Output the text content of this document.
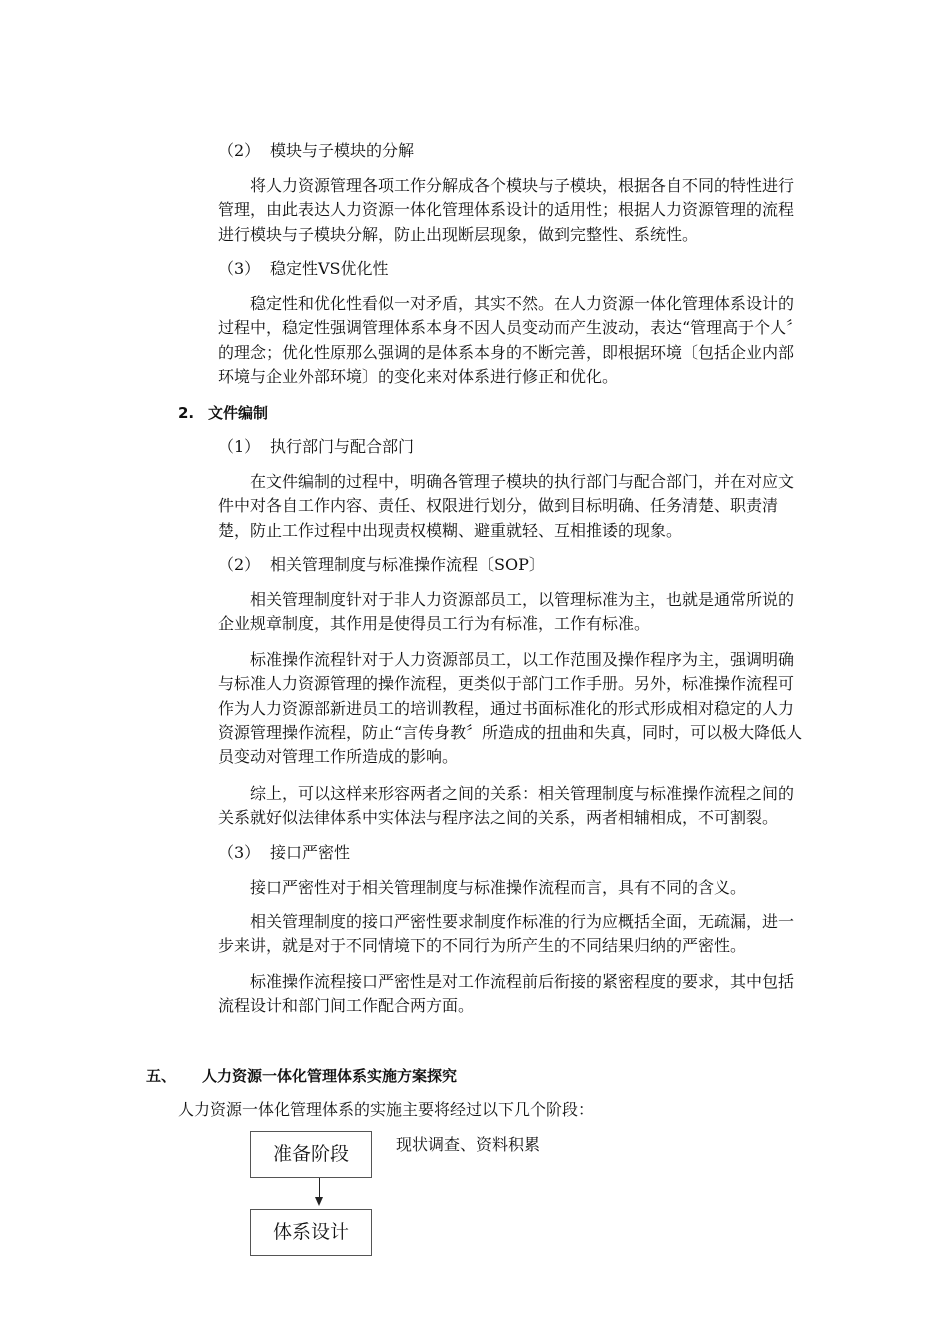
（2） 模块与子模块的分解
将人力资源管理各项工作分解成各个模块与子模块，根据各自不同的特性进行管理，由此表达人力资源一体化管理体系设计的适用性；根据人力资源管理的流程进行模块与子模块分解，防止出现断层现象，做到完整性、系统性。
（3） 稳定性VS优化性
稳定性和优化性看似一对矛盾，其实不然。在人力资源一体化管理体系设计的过程中，稳定性强调管理体系本身不因人员变动而产生波动，表达“管理高于个人〞的理念；优化性原那么强调的是体系本身的不断完善，即根据环境〔包括企业内部环境与企业外部环境〕的变化来对体系进行修正和优化。
2. 文件编制
（1） 执行部门与配合部门
在文件编制的过程中，明确各管理子模块的执行部门与配合部门，并在对应文件中对各自工作内容、责任、权限进行划分，做到目标明确、任务清楚、职责清楚，防止工作过程中出现责权模糊、避重就轻、互相推诿的现象。
（2） 相关管理制度与标准操作流程〔SOP〕
相关管理制度针对于非人力资源部员工，以管理标准为主，也就是通常所说的企业规章制度，其作用是使得员工行为有标准，工作有标准。
标准操作流程针对于人力资源部员工，以工作范围及操作程序为主，强调明确与标准人力资源管理的操作流程，更类似于部门工作手册。另外，标准操作流程可作为人力资源部新进员工的培训教程，通过书面标准化的形式形成相对稳定的人力资源管理操作流程，防止“言传身教〞所造成的扭曲和失真，同时，可以极大降低人员变动对管理工作所造成的影响。
综上，可以这样来形容两者之间的关系：相关管理制度与标准操作流程之间的关系就好似法律体系中实体法与程序法之间的关系，两者相辅相成，不可割裂。
（3） 接口严密性
接口严密性对于相关管理制度与标准操作流程而言，具有不同的含义。
相关管理制度的接口严密性要求制度作标准的行为应概括全面，无疏漏，进一步来讲，就是对于不同情境下的不同行为所产生的不同结果归纳的严密性。
标准操作流程接口严密性是对工作流程前后衔接的紧密程度的要求，其中包括流程设计和部门间工作配合两方面。
五、 人力资源一体化管理体系实施方案探究
人力资源一体化管理体系的实施主要将经过以下几个阶段：
准备阶段	现状调查、资料积累
体系设计
